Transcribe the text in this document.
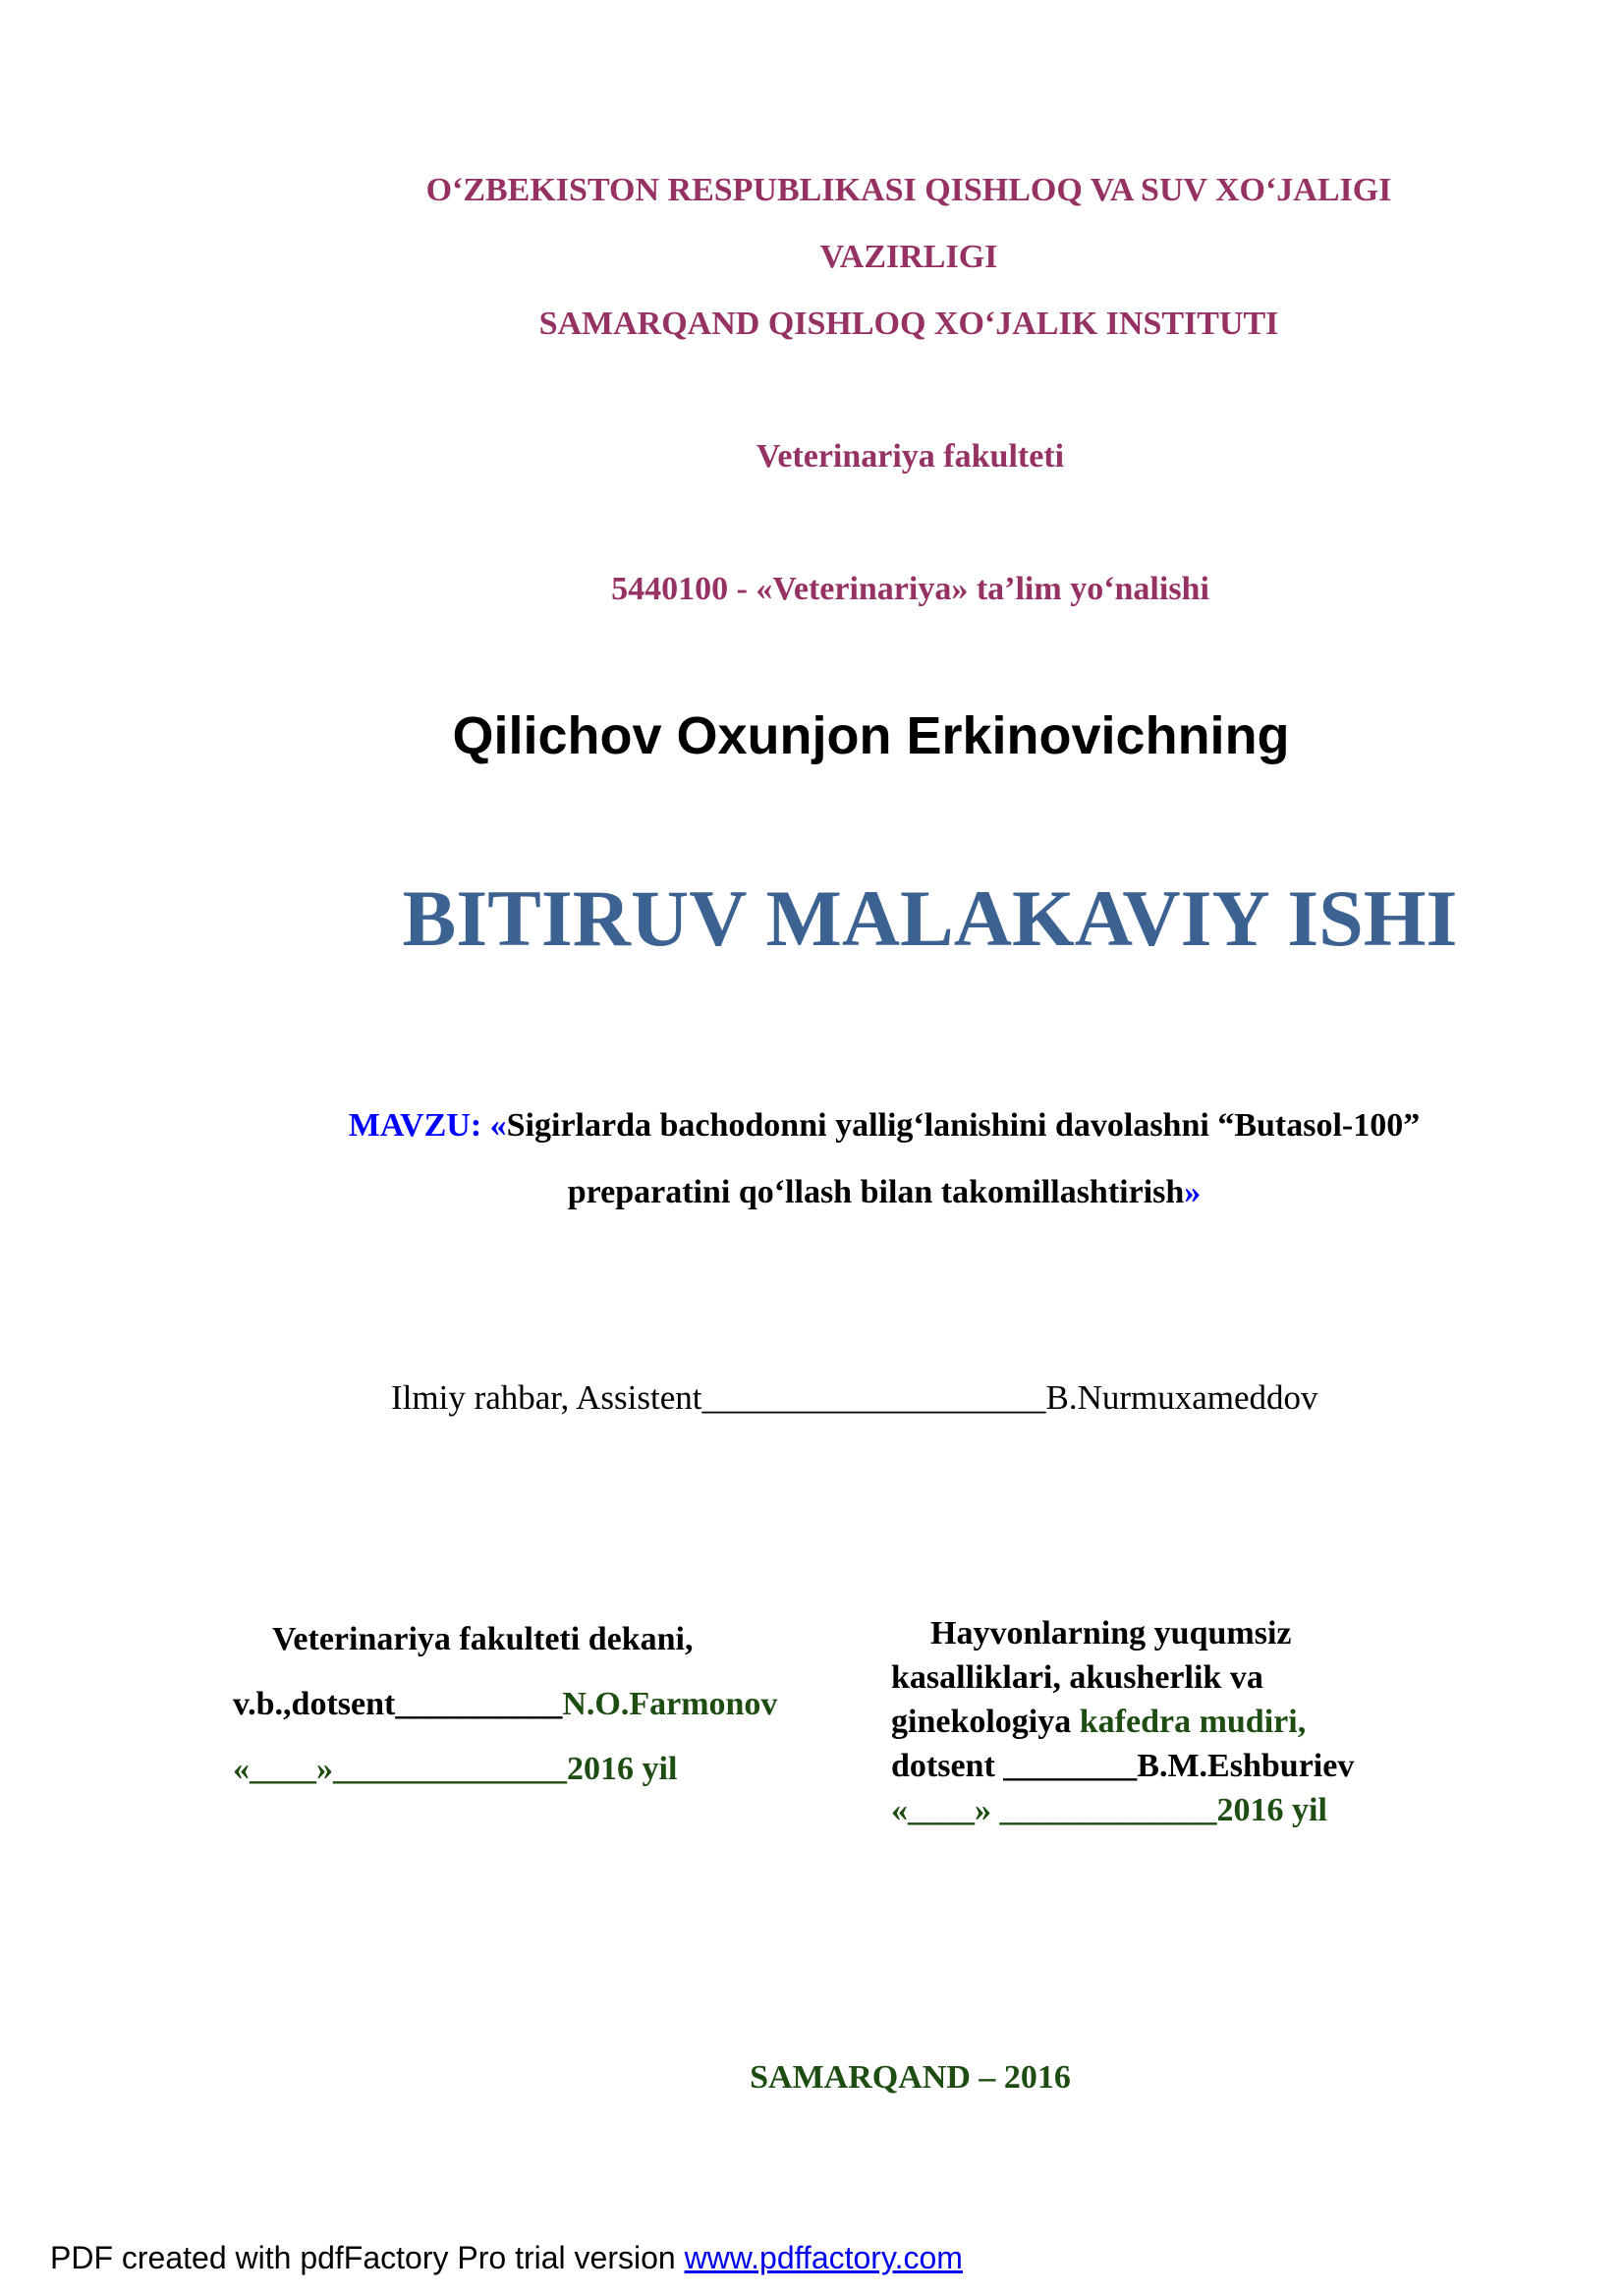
O‘ZBEKISTON RESPUBLIKASI QISHLOQ VA SUV XO‘JALIGI
VAZIRLIGI
SAMARQAND QISHLOQ XO‘JALIK INSTITUTI
Veterinariya fakulteti
5440100 - «Veterinariya» ta’lim yo‘nalishi
Qilichov Oxunjon Erkinovichning
BITIRUV MALAKAVIY ISHI
MAVZU: «Sigirlarda bachodonni yallig‘lanishini davolashni “Butasol-100”
preparatini qo‘llash bilan takomillashtirish»
Ilmiy rahbar, Assistent____________________B.Nurmuxameddov
Veterinariya fakulteti dekani,
v.b.,dotsent__________N.O.Farmonov
«____»______________2016 yil
Hayvonlarning yuqumsiz
kasalliklari, akusherlik va
ginekologiya kafedra mudiri,
dotsent ________B.M.Eshburiev
«____» _____________2016 yil
SAMARQAND – 2016
PDF created with pdfFactory Pro trial version www.pdffactory.com
